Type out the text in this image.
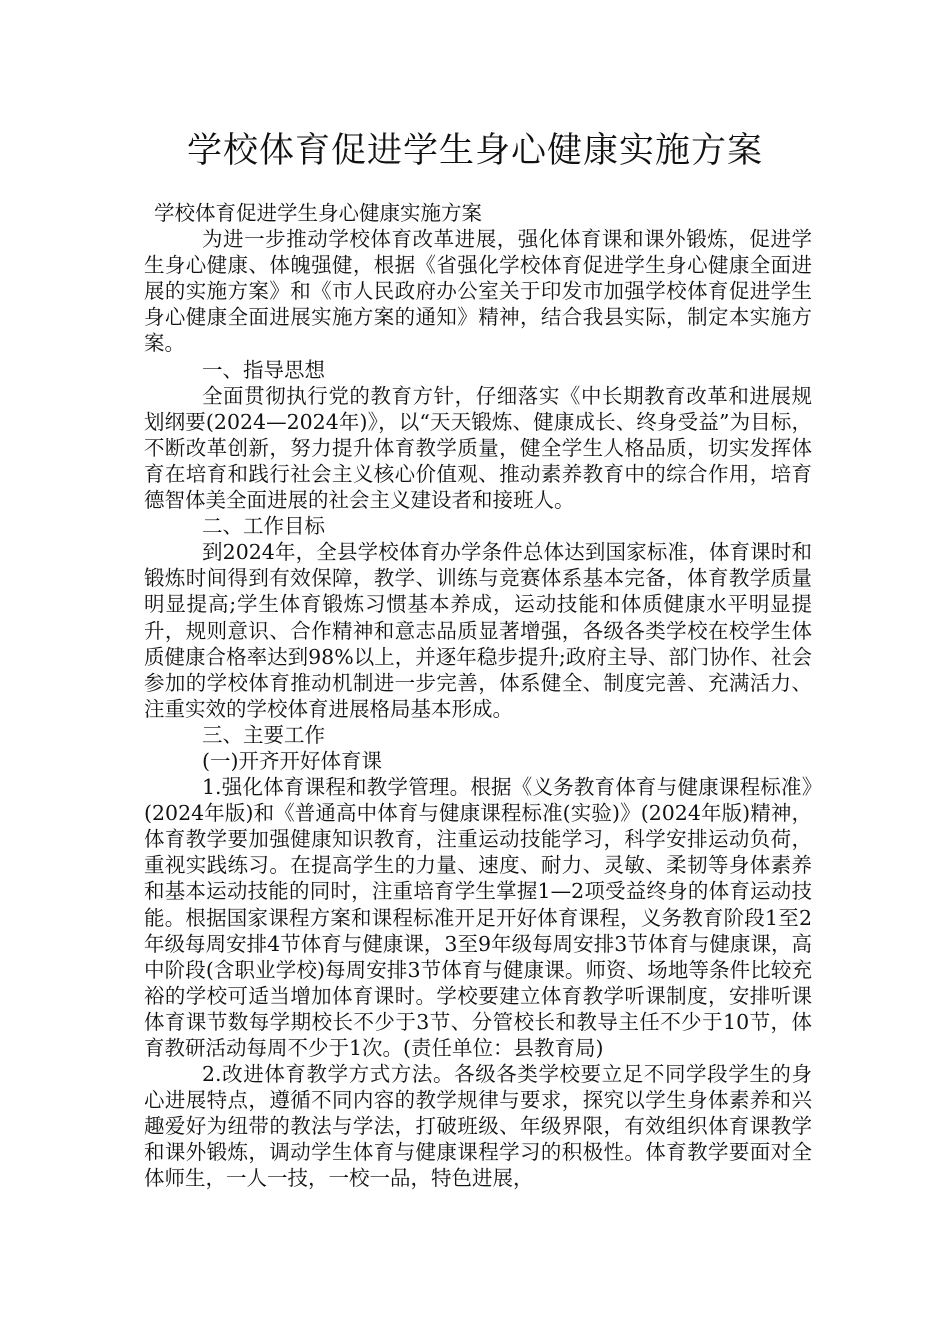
学校体育促进学生身心健康实施方案

学校体育促进学生身心健康实施方案

为进一步推动学校体育改革进展，强化体育课和课外锻炼，促进学生身心健康、体魄强健，根据《省强化学校体育促进学生身心健康全面进展的实施方案》和《市人民政府办公室关于印发市加强学校体育促进学生身心健康全面进展实施方案的通知》精神，结合我县实际，制定本实施方案。

一、指导思想

全面贯彻执行党的教育方针，仔细落实《中长期教育改革和进展规划纲要(2024—2024年)》，以“天天锻炼、健康成长、终身受益”为目标，不断改革创新，努力提升体育教学质量，健全学生人格品质，切实发挥体育在培育和践行社会主义核心价值观、推动素养教育中的综合作用，培育德智体美全面进展的社会主义建设者和接班人。

二、工作目标

到2024年，全县学校体育办学条件总体达到国家标准，体育课时和锻炼时间得到有效保障，教学、训练与竞赛体系基本完备，体育教学质量明显提高;学生体育锻炼习惯基本养成，运动技能和体质健康水平明显提升，规则意识、合作精神和意志品质显著增强，各级各类学校在校学生体质健康合格率达到98%以上，并逐年稳步提升;政府主导、部门协作、社会参加的学校体育推动机制进一步完善，体系健全、制度完善、充满活力、注重实效的学校体育进展格局基本形成。

三、主要工作

(一)开齐开好体育课

1.强化体育课程和教学管理。根据《义务教育体育与健康课程标准》(2024年版)和《普通高中体育与健康课程标准(实验)》(2024年版)精神，体育教学要加强健康知识教育，注重运动技能学习，科学安排运动负荷，重视实践练习。在提高学生的力量、速度、耐力、灵敏、柔韧等身体素养和基本运动技能的同时，注重培育学生掌握1—2项受益终身的体育运动技能。根据国家课程方案和课程标准开足开好体育课程，义务教育阶段1至2年级每周安排4节体育与健康课，3至9年级每周安排3节体育与健康课，高中阶段(含职业学校)每周安排3节体育与健康课。师资、场地等条件比较充裕的学校可适当增加体育课时。学校要建立体育教学听课制度，安排听课体育课节数每学期校长不少于3节、分管校长和教导主任不少于10节，体育教研活动每周不少于1次。(责任单位：县教育局)

2.改进体育教学方式方法。各级各类学校要立足不同学段学生的身心进展特点，遵循不同内容的教学规律与要求，探究以学生身体素养和兴趣爱好为纽带的教法与学法，打破班级、年级界限，有效组织体育课教学和课外锻炼，调动学生体育与健康课程学习的积极性。体育教学要面对全体师生，一人一技，一校一品，特色进展，
